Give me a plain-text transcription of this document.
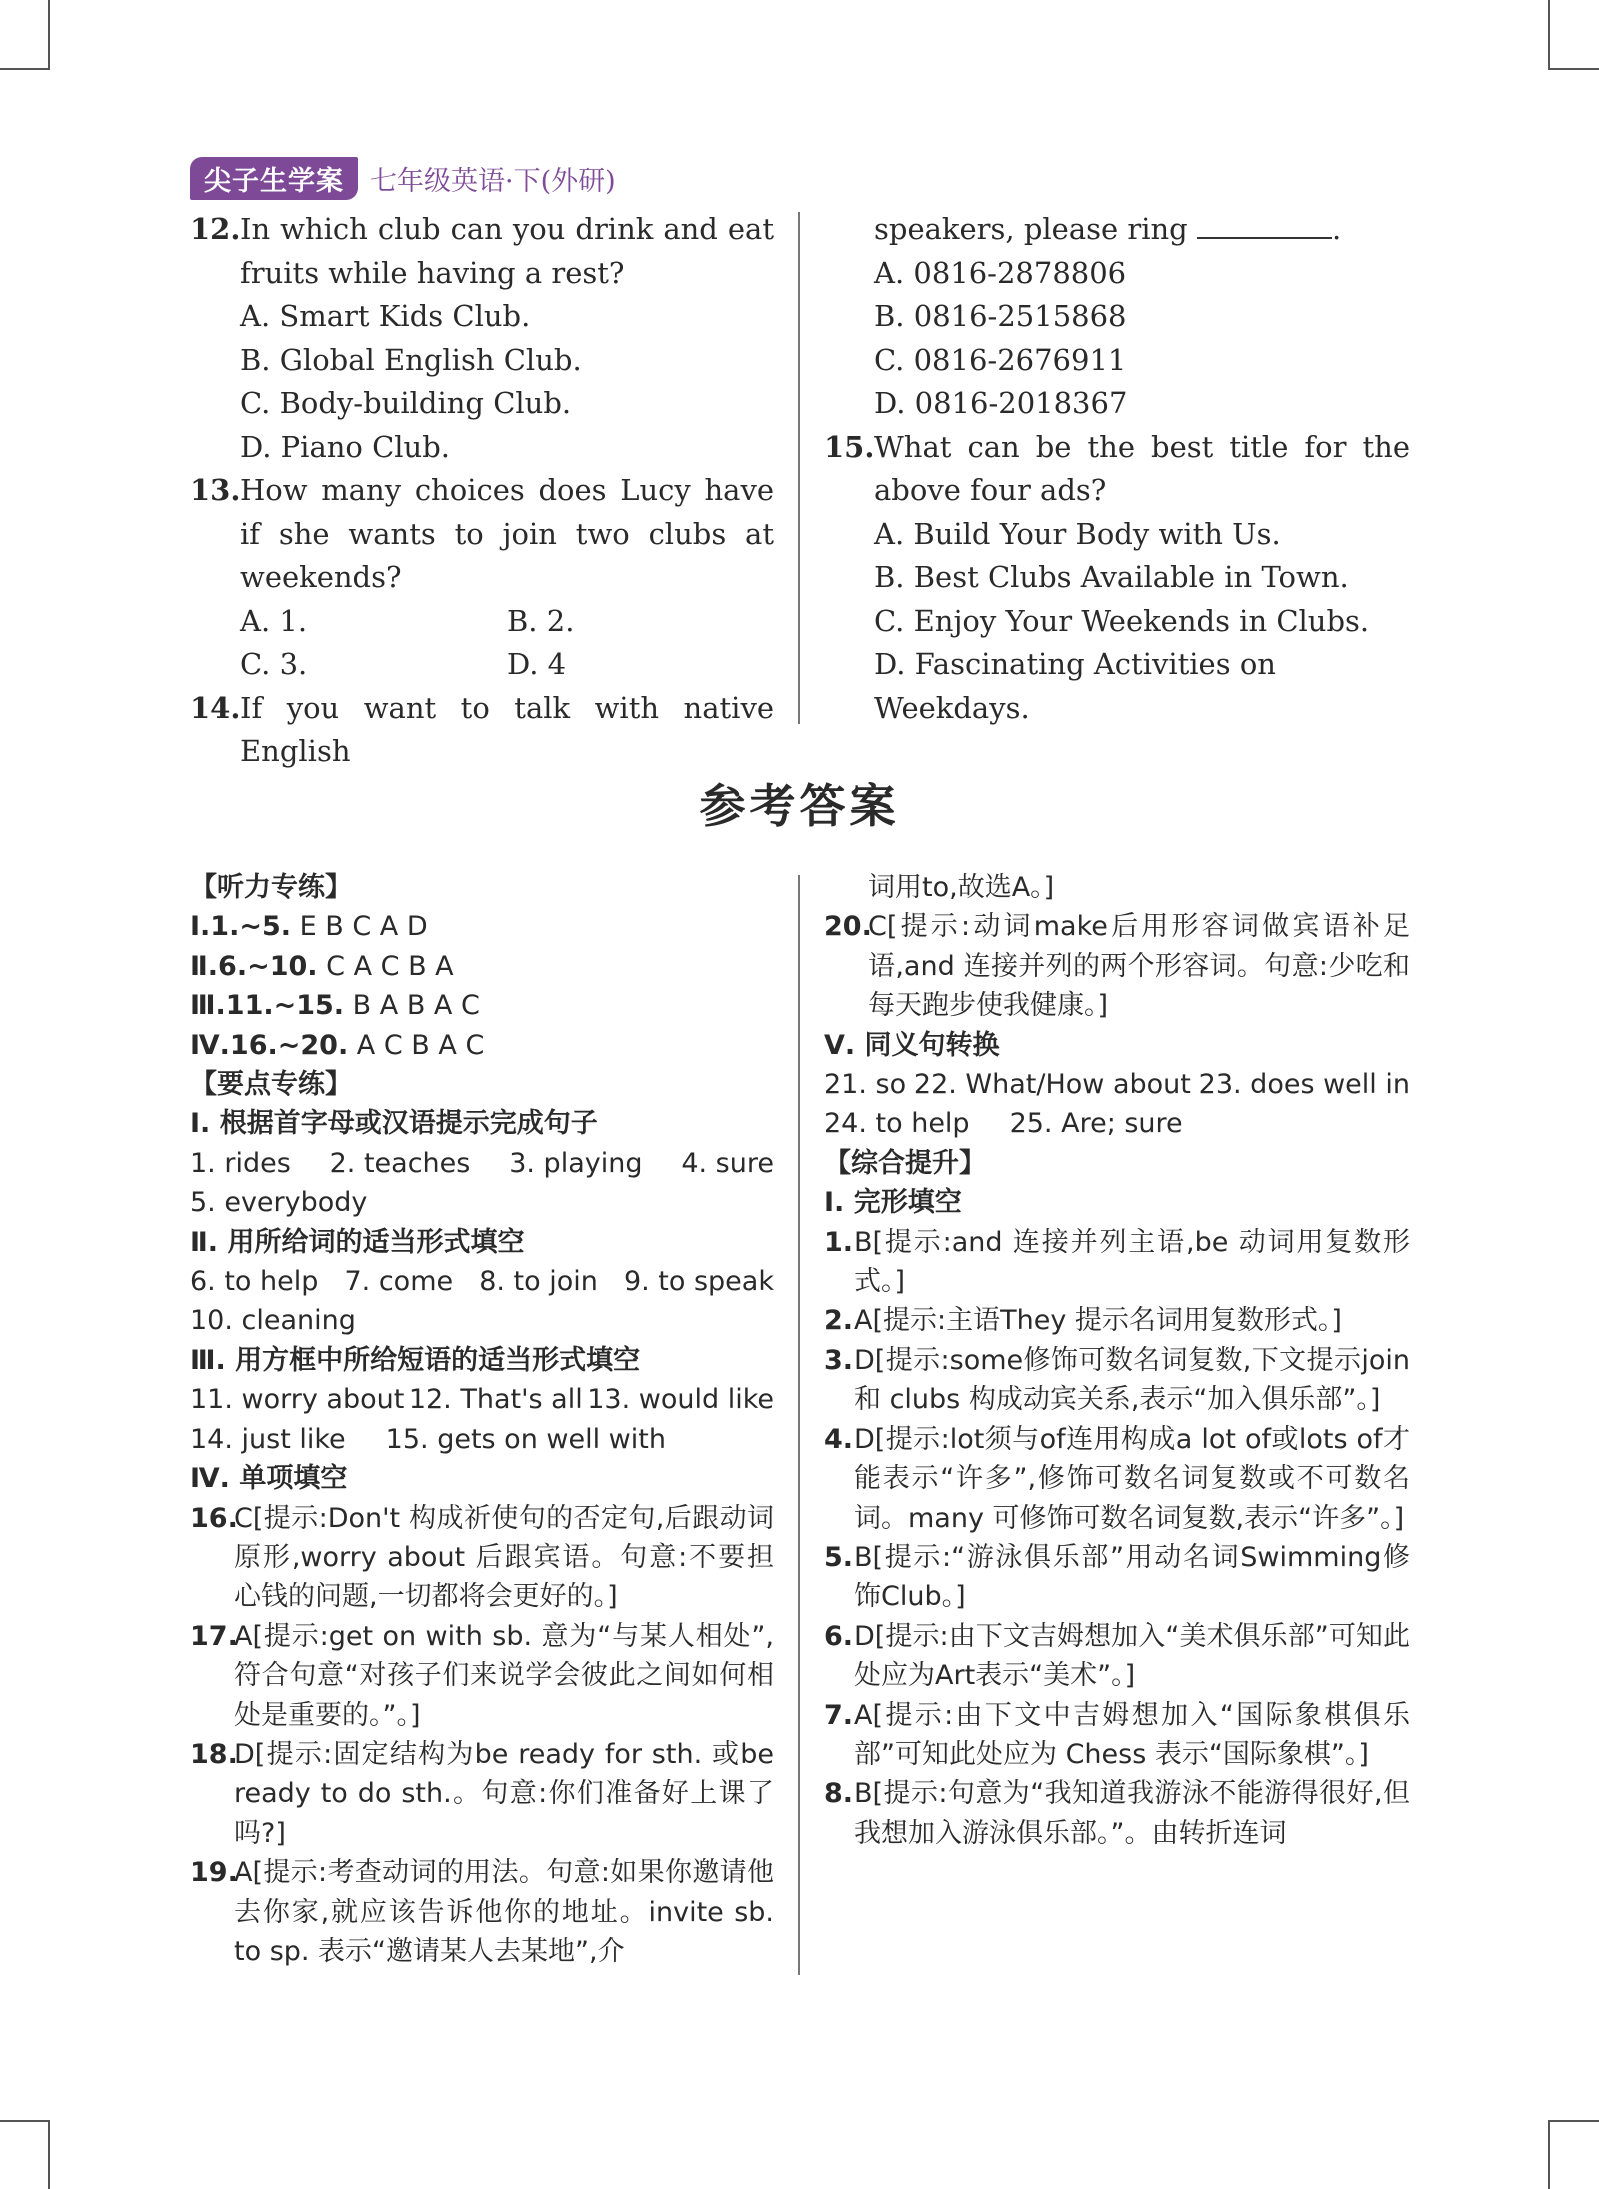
尖子生学案 七年级英语·下(外研)
12. In which club can you drink and eat fruits while having a rest?
A. Smart Kids Club.
B. Global English Club.
C. Body-building Club.
D. Piano Club.
13. How many choices does Lucy have if she wants to join two clubs at weekends?
A. 1.	B. 2.
C. 3.	D. 4
14. If you want to talk with native English
speakers, please ring	.
A. 0816-2878806
B. 0816-2515868
C. 0816-2676911
D. 0816-2018367
15. What can be the best title for the above four ads?
A. Build Your Body with Us.
B. Best Clubs Available in Town.
C. Enjoy Your Weekends in Clubs.
D. Fascinating Activities on Weekdays.
参考答案
【听力专练】
Ⅰ.1.~5. E B C A D
Ⅱ.6.~10. C A C B A
Ⅲ.11.~15. B A B A C
Ⅳ.16.~20. A C B A C
【要点专练】
Ⅰ. 根据首字母或汉语提示完成句子
1. rides 2. teaches 3. playing 4. sure
5. everybody
Ⅱ. 用所给词的适当形式填空
6. to help 7. come 8. to join 9. to speak
10. cleaning
Ⅲ. 用方框中所给短语的适当形式填空
11. worry about 12. That's all 13. would like
14. just like 15. gets on well with
Ⅳ. 单项填空
16.
C[提示:Don't 构成祈使句的否定句,后跟动词原形,worry about 后跟宾语。句意:不要担心钱的问题,一切都将会更好的。]
17.
A[提示:get on with sb. 意为“与某人相处”,符合句意“对孩子们来说学会彼此之间如何相处是重要的。”。]
18.
D[提示:固定结构为be ready for sth. 或be ready to do sth.。句意:你们准备好上课了吗?]
19.
A[提示:考查动词的用法。句意:如果你邀请他去你家,就应该告诉他你的地址。invite sb. to sp. 表示“邀请某人去某地”,介
词用to,故选A。]
20.
C[提示:动词make后用形容词做宾语补足语,and 连接并列的两个形容词。句意:少吃和每天跑步使我健康。]
Ⅴ. 同义句转换
21. so 22. What/How about 23. does well in
24. to help 25. Are; sure
【综合提升】
Ⅰ. 完形填空
1. B[提示:and 连接并列主语,be 动词用复数形式。]
2. A[提示:主语They 提示名词用复数形式。]
3. D[提示:some修饰可数名词复数,下文提示join 和 clubs 构成动宾关系,表示“加入俱乐部”。]
4. D[提示:lot须与of连用构成a lot of或lots of才能表示“许多”,修饰可数名词复数或不可数名词。many 可修饰可数名词复数,表示“许多”。]
5. B[提示:“游泳俱乐部”用动名词Swimming修饰Club。]
6. D[提示:由下文吉姆想加入“美术俱乐部”可知此处应为Art表示“美术”。]
7. A[提示:由下文中吉姆想加入“国际象棋俱乐部”可知此处应为 Chess 表示“国际象棋”。]
8. B[提示:句意为“我知道我游泳不能游得很好,但我想加入游泳俱乐部。”。由转折连词
